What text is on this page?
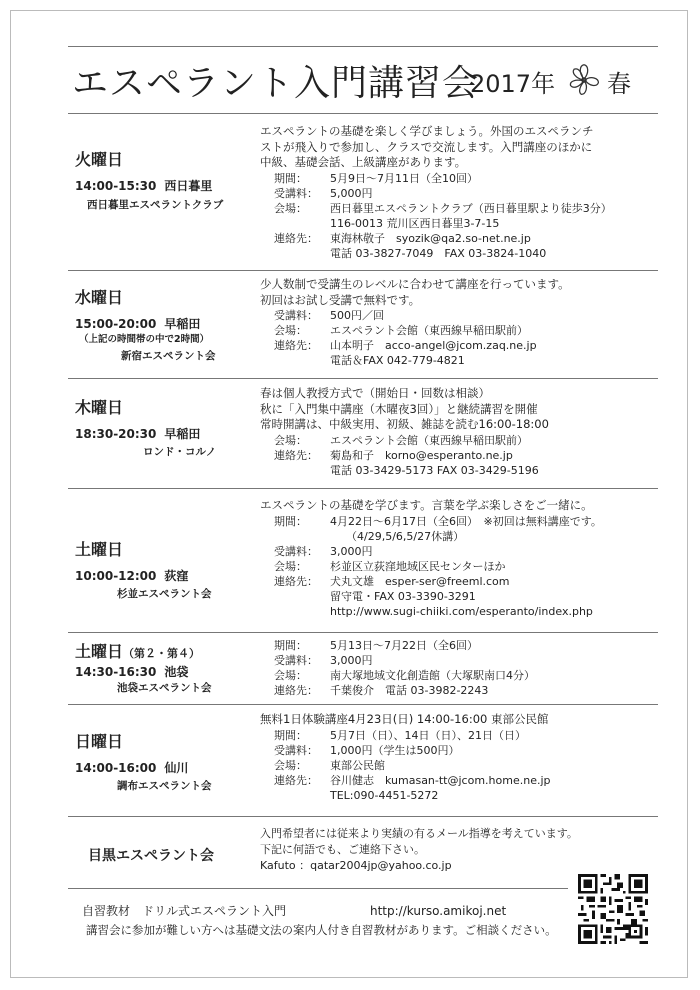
エスペラント入門講習会
2017年 春
火曜日
14:00-15:30 西日暮里
西日暮里エスペラントクラブ
エスペラントの基礎を楽しく学びましょう。外国のエスペランチ
ストが飛入りで参加し、クラスで交流します。入門講座のほかに
中級、基礎会話、上級講座があります。
期間： 5月9日～7月11日（全10回）
受講料： 5,000円
会場： 西日暮里エスペラントクラブ（西日暮里駅より徒歩3分）
116-0013 荒川区西日暮里3-7-15
連絡先： 東海林敬子　syozik@qa2.so-net.ne.jp
電話 03-3827-7049　FAX 03-3824-1040
水曜日
15:00-20:00 早稲田
（上記の時間帯の中で2時間）
新宿エスペラント会
少人数制で受講生のレベルに合わせて講座を行っています。
初回はお試し受講で無料です。
受講料： 500円／回
会場： エスペラント会館（東西線早稲田駅前）
連絡先： 山本明子　acco-angel@jcom.zaq.ne.jp
電話＆FAX 042-779-4821
木曜日
18:30-20:30 早稲田
ロンド・コルノ
春は個人教授方式で（開始日・回数は相談）
秋に「入門集中講座（木曜夜3回）」と継続講習を開催
常時開講は、中級実用、初級、雑誌を読む16:00-18:00
会場： エスペラント会館（東西線早稲田駅前）
連絡先： 菊島和子　korno@esperanto.ne.jp
電話 03-3429-5173 FAX 03-3429-5196
土曜日
10:00-12:00 荻窪
杉並エスペラント会
エスペラントの基礎を学びます。言葉を学ぶ楽しさをご一緒に。
期間： 4月22日～6月17日（全6回）　※初回は無料講座です。
（4/29,5/6,5/27休講）
受講料： 3,000円
会場： 杉並区立荻窪地域区民センターほか
連絡先： 犬丸文雄　esper-ser@freeml.com
留守電・FAX 03-3390-3291
http://www.sugi-chiiki.com/esperanto/index.php
土曜日（第２・第４）
14:30-16:30 池袋
池袋エスペラント会
期間： 5月13日～7月22日（全6回）
受講料： 3,000円
会場： 南大塚地域文化創造館（大塚駅南口4分）
連絡先： 千葉俊介　電話 03-3982-2243
日曜日
14:00-16:00 仙川
調布エスペラント会
無料1日体験講座4月23日(日) 14:00-16:00 東部公民館
期間： 5月7日（日）、14日（日）、21日（日）
受講料： 1,000円（学生は500円）
会場： 東部公民館
連絡先： 谷川健志　kumasan-tt@jcom.home.ne.jp
TEL:090-4451-5272
目黒エスペラント会
入門希望者には従来より実績の有るメール指導を考えています。
下記に何語でも、ご連絡下さい。
Kafuto ：qatar2004jp@yahoo.co.jp
自習教材　ドリル式エスペラント入門	http://kurso.amikoj.net
講習会に参加が難しい方へは基礎文法の案内人付き自習教材があります。ご相談ください。
